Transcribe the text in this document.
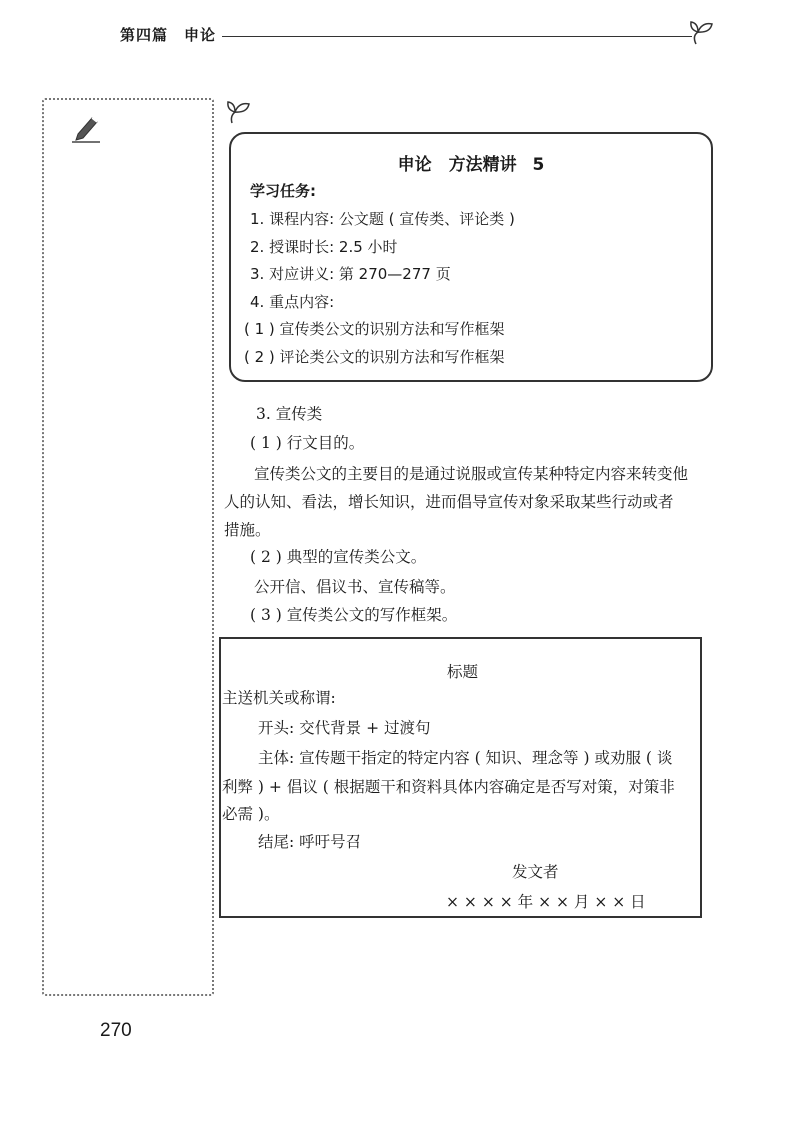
第四篇 申论
申论　方法精讲 5
学习任务:
1. 课程内容: 公文题 ( 宣传类、评论类 )
2. 授课时长: 2.5 小时
3. 对应讲义: 第 270—277 页
4. 重点内容:
( 1 ) 宣传类公文的识别方法和写作框架
( 2 ) 评论类公文的识别方法和写作框架
3. 宣传类
( 1 ) 行文目的。
宣传类公文的主要目的是通过说服或宣传某种特定内容来转变他
人的认知、看法，增长知识，进而倡导宣传对象采取某些行动或者
措施。
( 2 ) 典型的宣传类公文。
公开信、倡议书、宣传稿等。
( 3 ) 宣传类公文的写作框架。
标题
主送机关或称谓:
开头: 交代背景 + 过渡句
主体: 宣传题干指定的特定内容 ( 知识、理念等 ) 或劝服 ( 谈
利弊 ) + 倡议 ( 根据题干和资料具体内容确定是否写对策，对策非
必需 )。
结尾: 呼吁号召
发文者
× × × × 年 × × 月 × × 日
270
